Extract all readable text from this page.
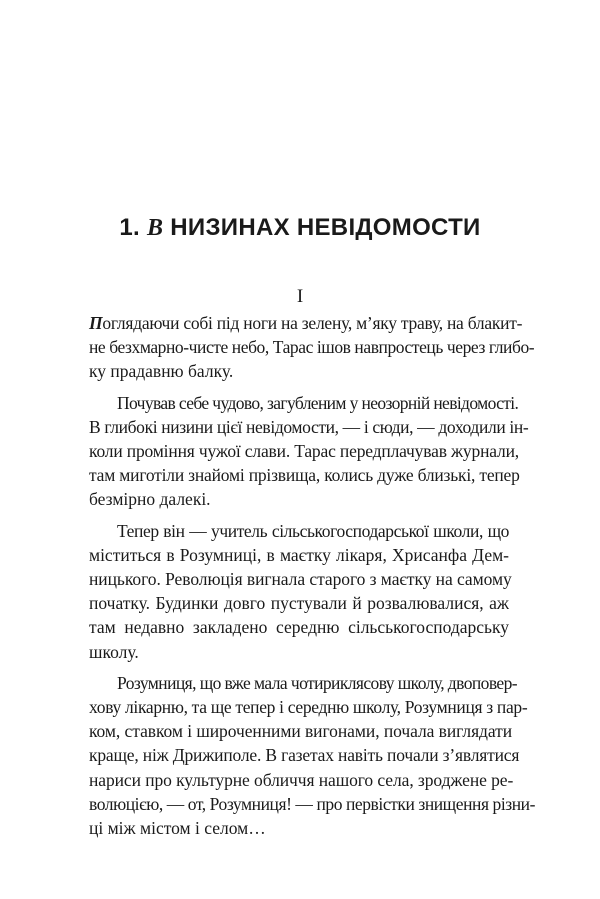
1. В НИЗИНАХ НЕВІДОМОСТИ
I

Поглядаючи собі під ноги на зелену, м’яку траву, на блакит-
не безхмарно-чисте небо, Тарас ішов навпростець через глибо-
ку прадавню балку.

Почував себе чудово, загубленим у неозорній невідомості.
В глибокі низини цієї невідомости, — і сюди, — доходили ін-
коли проміння чужої слави. Тарас передплачував журнали,
там миготіли знайомі прізвища, колись дуже близькі, тепер
безмірно далекі.

Тепер він — учитель сільськогосподарської школи, що
міститься в Розумниці, в маєтку лікаря, Хрисанфа Дем-
ницького. Революція вигнала старого з маєтку на самому
початку. Будинки довго пустували й розвалювалися, аж
там недавно закладено середню сільськогосподарську
школу.

Розумниця, що вже мала чотириклясову школу, двоповер-
хову лікарню, та ще тепер і середню школу, Розумниця з пар-
ком, ставком і широченними вигонами, почала виглядати
краще, ніж Дрижиполе. В газетах навіть почали з’являтися
нариси про культурне обличчя нашого села, зроджене ре-
волюцією, — от, Розумниця! — про первістки знищення різни-
ці між містом і селом…
